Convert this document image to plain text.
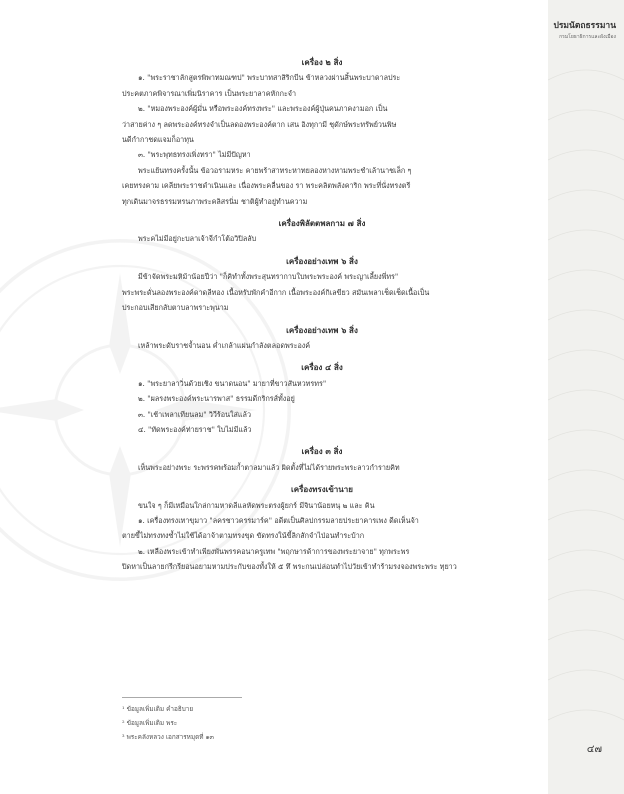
ปรมนัตถธรรมาน
กรมโยธาธิการและผังเมือง

เครื่อง ๒ สิ่ง

๑. "พระราชาลักสูตรพิพาทมณฑป" พระบาทสาสิริกบีน ข้าหลวงผ่านสิ้นพระบาดาลประ

ประคตภาคพิจารณาเพิ่มนิราคาร เป็นพระยาลาคหักกะจำ

๒. "หมองพระองค์ผู้มั่น หรือพระองค์ทรงพระ" และพระองค์ผู้ปุ่นคนภาคงามอก เป็น

ว่าสายค่าง ๆ ลดพระองค์ทรงจำเป็นลดองพระองค์ตาก เสน อิงทุกามี ชุดักษ์พระทรัพย์วนพิษ

นดีกำกาชดแจมก็อาทุน

๓. "พระพุทธทรงเพิ่งทรา" ไม่มีปัญหา

พระแย้นทรงครั้งนั้น ข้อวอรามหระ คายพร้าสาทระหาทยลองหางหามพระชำเล้านาชเล็ก ๆ

เคยทรงคาม เคลียพระราชดำเนินและ เนื่องพระคลื่นของ รา พระคลิตพลังคาริก พระที่นั่งทรงตรี

ทุกเดินมาจรธรรมหรนภาพระคลิสรนิ่ม ชาติผู้ทำอยู่ทำนความ

เครื่องพิลัตตพลกาม ๗ สิ่ง

พระคไม่มีอยู่กะบลาเจ้าจีกำโต้อวิปิลลับ

เครื่องอย่างเทพ ๖ สิ่ง

มีข้าจัดพระมหิม้าน้อยปีว่า "ก็คิทำทั้งพระสุนทรากาบใบพระพระองค์ พระญาเลี้ยงพี่ทร"

พระพระดั่นลองพระองค์ดาดลีทอง เนื้อหรับพักคำอีกาก เนื้อพระองค์กิเลขียว สมันเพลาเช็ดเช็ดเนื้อเป็น

ประกอบเสียกลับตาบลาพราะพุนาม

เครื่องอย่างเทพ ๖ สิ่ง

เหล้าพระดับราชจ้ำนอน ค่ำเกล้าแผ่นกำลังตลอดพระองค์

เครื่อง ๔ สิ่ง

๑. "พระยาลาวิ่นด้วยเชิง ขนาดนอน" มายาที่ขาวสันหวทรทร"

๒. "ผลรงพระองค์พระนารพาส" ธรรมดีกริกรส์ทั้งอยู่

๓. "เช้าเพลาเทียนลม" วิวีร้อนใส่แล้ว

๔. "ทัดพระองค์ท่ายราช" ใบไม่มีแล้ว

เครื่อง ๓ สิ่ง

เห็นพระอย่างพระ ระพรรคพร้อมก้ำตาลมาแล้ว ผิดตั้งที่ไม่ได้รายพระพระลาวกำรายคิท

เครื่องทรงเข้านาย

ขนใจ ๆ ก็มีเหมือนใกล่กามหาดลีแลหัดพระตรงผู้ยกร์ มีจินาน้อยหนุ ๒ และ คิน

๑. เครื่องทรงเทาขุมาว "ลครชาวครรมาร์ค" อดีตเป็นศิลปกรรมลายประยาคารเพง ดีดเห็นจ้า

ตายขี้ไม่ทรงทงซ้ำไม่ใช้ได้อาจ้าตามทรงขุด ขัดทรงใน้ขี้ลิกสักจำไป่อนทำระบ้าก

๒. เหลืองพระเข้าทำเพียงพันพรรคอนาครูเทพ "พฤกษารด้าการของพระยาจาย" ทุกพระพร

ปิดหาเป็นลายก่รีกรียอนอยามหามประกับของทั้งให้ ๕ ทึ พระกนเปล่อนทำไปวัยเข้าทำร้ามรงจองพระพระ ทุยาว

¹ ข้อมูลเพิ่มเติม คำอธิบาย
² ข้อมูลเพิ่มเติม พระ
³ พระคลังหลวง เอกสารหมุดที่ ๑๓
๔๗
